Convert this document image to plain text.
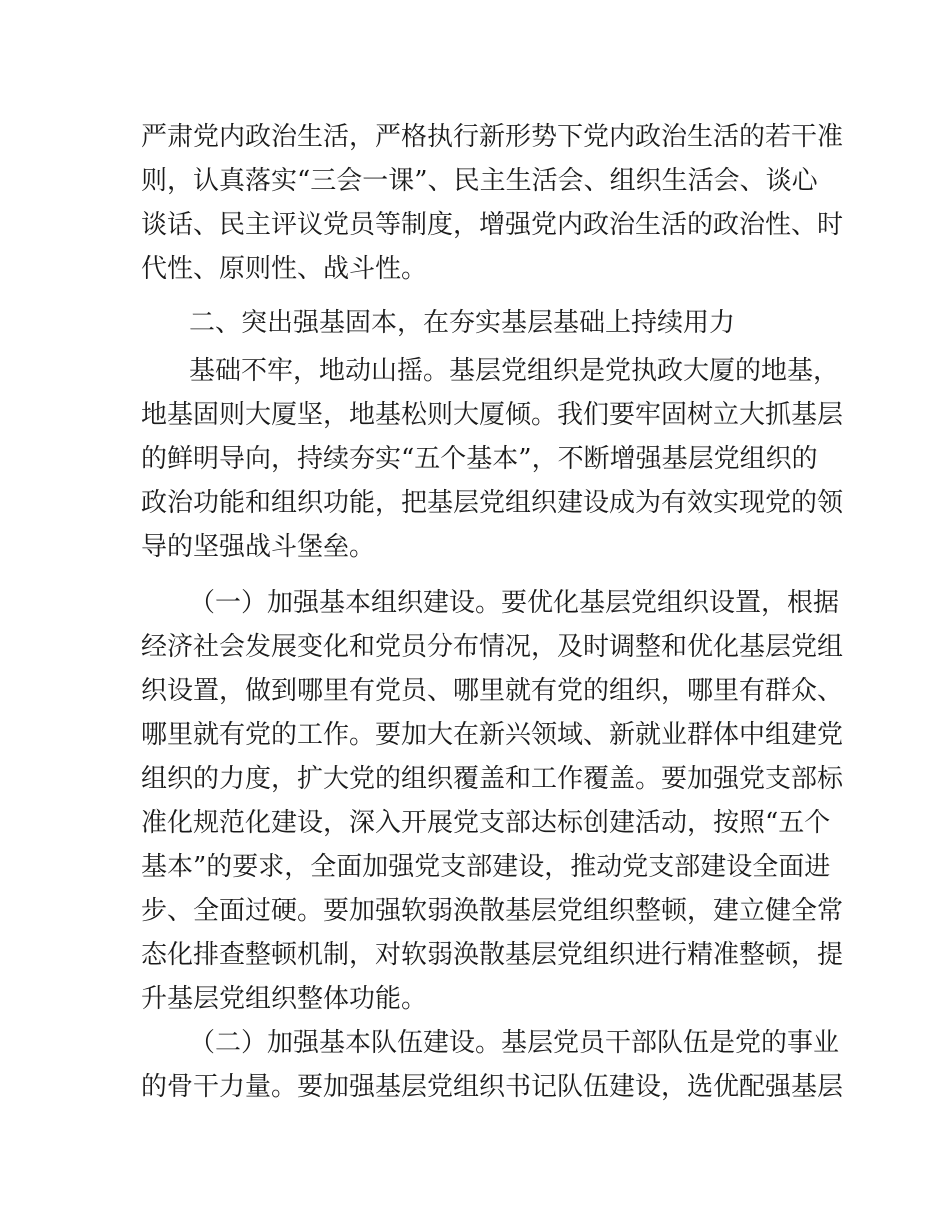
严肃党内政治生活，严格执行新形势下党内政治生活的若干准
则，认真落实“三会一课”、民主生活会、组织生活会、谈心
谈话、民主评议党员等制度，增强党内政治生活的政治性、时
代性、原则性、战斗性。
二、突出强基固本，在夯实基层基础上持续用力
基础不牢，地动山摇。基层党组织是党执政大厦的地基，
地基固则大厦坚，地基松则大厦倾。我们要牢固树立大抓基层
的鲜明导向，持续夯实“五个基本”，不断增强基层党组织的
政治功能和组织功能，把基层党组织建设成为有效实现党的领
导的坚强战斗堡垒。
（一）加强基本组织建设。要优化基层党组织设置，根据
经济社会发展变化和党员分布情况，及时调整和优化基层党组
织设置，做到哪里有党员、哪里就有党的组织，哪里有群众、
哪里就有党的工作。要加大在新兴领域、新就业群体中组建党
组织的力度，扩大党的组织覆盖和工作覆盖。要加强党支部标
准化规范化建设，深入开展党支部达标创建活动，按照“五个
基本”的要求，全面加强党支部建设，推动党支部建设全面进
步、全面过硬。要加强软弱涣散基层党组织整顿，建立健全常
态化排查整顿机制，对软弱涣散基层党组织进行精准整顿，提
升基层党组织整体功能。
（二）加强基本队伍建设。基层党员干部队伍是党的事业
的骨干力量。要加强基层党组织书记队伍建设，选优配强基层
